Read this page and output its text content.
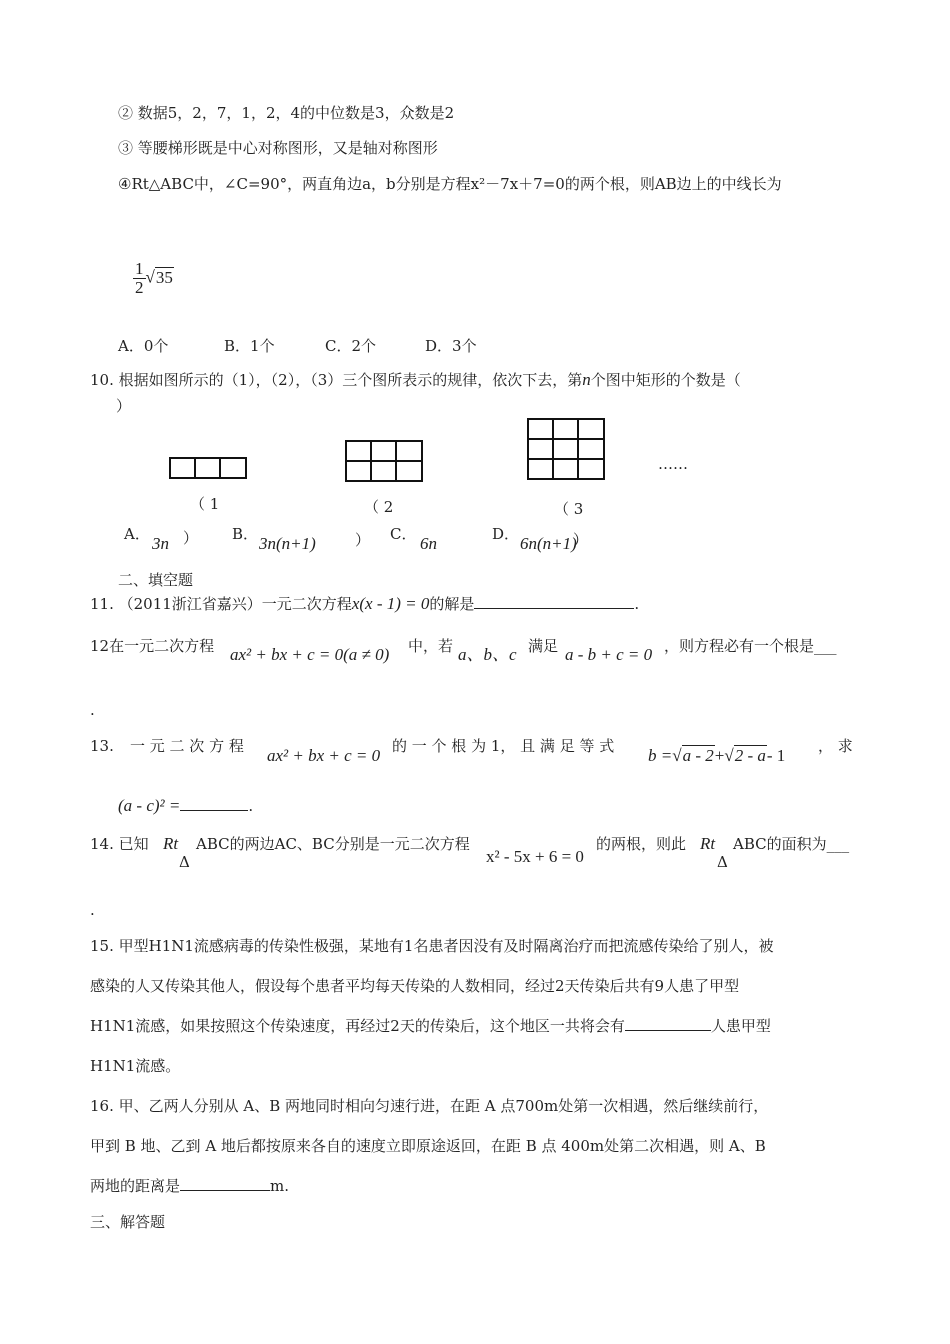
② 数据5，2，7，1，2，4的中位数是3，众数是2
③ 等腰梯形既是中心对称图形，又是轴对称图形
④Rt△ABC中，∠C=90°，两直角边a，b分别是方程x²－7x＋7=0的两个根，则AB边上的中线长为
$\frac{1}{2} √35$
A．0个	B．1个	C．2个	D．3个
10. 根据如图所示的（1），（2），（3）三个图所表示的规律，依次下去，第n个图中矩形的个数是（
）
……
（ 1	（ 2	（ 3
A． 3n ） B． 3n(n+1)	） C． 6n	D． 6n(n+1)
）
二、填空题
11. （2011浙江省嘉兴）一元二次方程x(x - 1) = 0的解是	.
12在一元二次方程 ax² + bx + c = 0(a ≠ 0) 中，若 a、b、c 满足 a - b + c = 0 ，则方程必有一个根是___
.
13. 一 元 二 次 方 程 ax² + bx + c = 0 的 一 个 根 为 1， 且 满 足 等 式 b =√a - 2+√2 - a- 1 ， 求
(a - c)² =	.
14. 已知 Rt
Δ
ABC的两边AC、BC分别是一元二次方程
x² - 5x + 6 = 0
的两根，则此 Rt
Δ
ABC的面积为___
.
15. 甲型H1N1流感病毒的传染性极强，某地有1名患者因没有及时隔离治疗而把流感传染给了别人，被
感染的人又传染其他人，假设每个患者平均每天传染的人数相同，经过2天传染后共有9人患了甲型
H1N1流感，如果按照这个传染速度，再经过2天的传染后，这个地区一共将会有	人患甲型
H1N1流感。
16. 甲、乙两人分别从 A、B 两地同时相向匀速行进，在距 A 点700m处第一次相遇，然后继续前行，
甲到 B 地、乙到 A 地后都按原来各自的速度立即原途返回，在距 B 点 400m处第二次相遇，则 A、B
两地的距离是	m.
三、解答题
